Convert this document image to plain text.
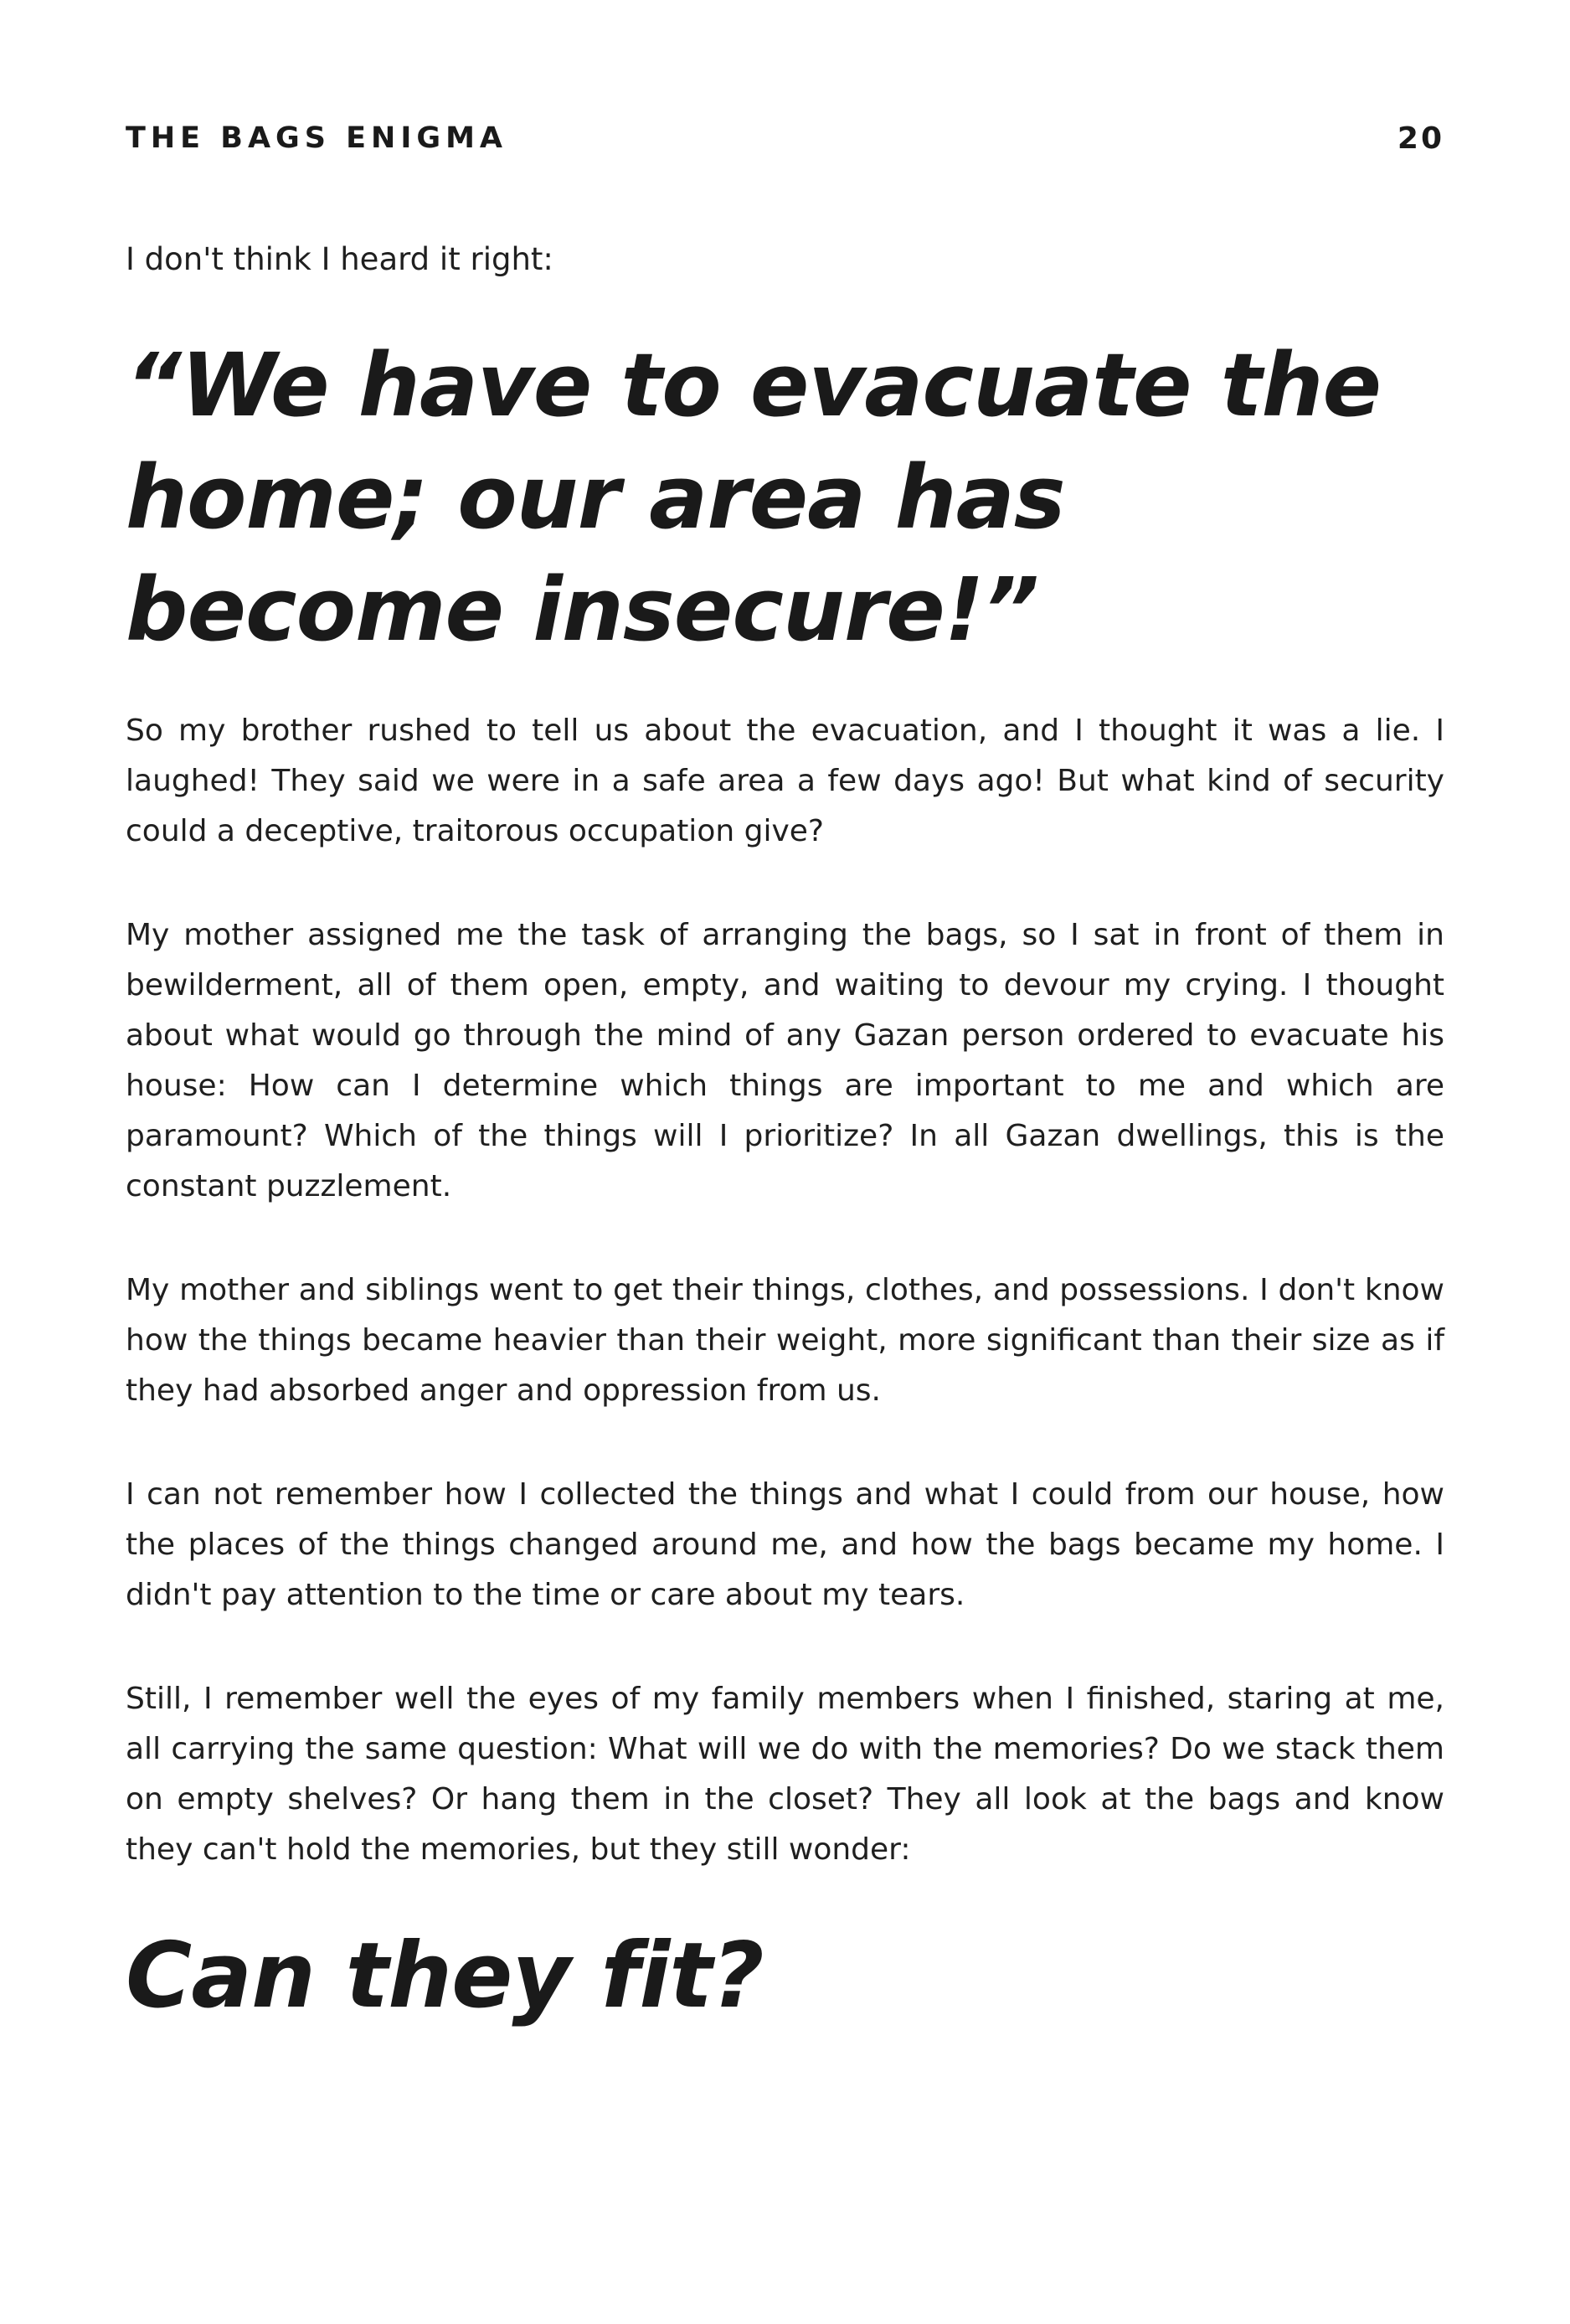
THE BAGS ENIGMA	20
I don't think I heard it right:
“We have to evacuate the home; our area has become insecure!”

So my brother rushed to tell us about the evacuation, and I thought it was a lie. I laughed! They said we were in a safe area a few days ago! But what kind of security could a deceptive, traitorous occupation give?

My mother assigned me the task of arranging the bags, so I sat in front of them in bewilderment, all of them open, empty, and waiting to devour my crying. I thought about what would go through the mind of any Gazan person ordered to evacuate his house: How can I determine which things are important to me and which are paramount? Which of the things will I prioritize? In all Gazan dwellings, this is the constant puzzlement.

My mother and siblings went to get their things, clothes, and possessions. I don't know how the things became heavier than their weight, more significant than their size as if they had absorbed anger and oppression from us.

I can not remember how I collected the things and what I could from our house, how the places of the things changed around me, and how the bags became my home. I didn't pay attention to the time or care about my tears.

Still, I remember well the eyes of my family members when I finished, staring at me, all carrying the same question: What will we do with the memories? Do we stack them on empty shelves? Or hang them in the closet? They all look at the bags and know they can't hold the memories, but they still wonder:

Can they fit?
